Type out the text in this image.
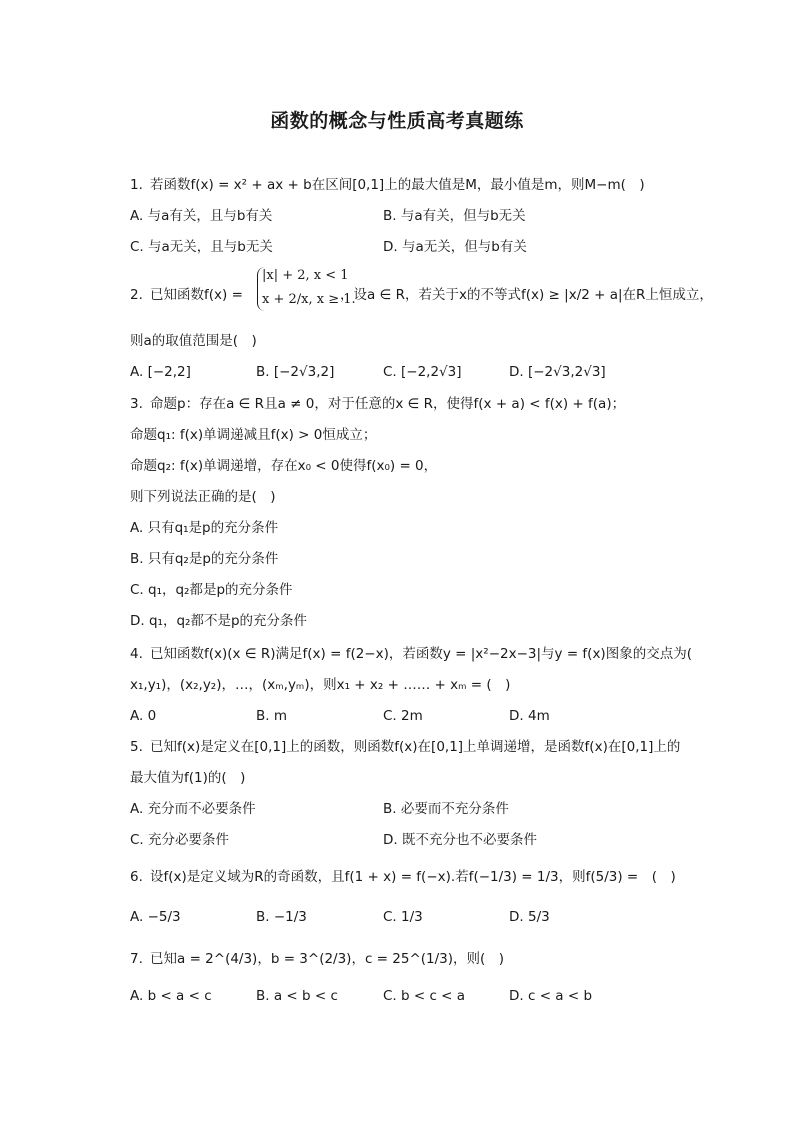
函数的概念与性质高考真题练
1. 若函数f(x) = x² + ax + b在区间[0,1]上的最大值是M，最小值是m，则M−m(　)
A. 与a有关，且与b有关	B. 与a有关，但与b无关
C. 与a无关，且与b无关	D. 与a无关，但与b有关
2. 已知函数f(x) =
|x| + 2, x < 1
x + 2/x, x ≥ 1.
，设a ∈ R，若关于x的不等式f(x) ≥ |x/2 + a|在R上恒成立，
则a的取值范围是(　)
A. [−2,2]	B. [−2√3,2]	C. [−2,2√3]	D. [−2√3,2√3]
3. 命题p：存在a ∈ R且a ≠ 0，对于任意的x ∈ R，使得f(x + a) < f(x) + f(a)；
命题q₁: f(x)单调递减且f(x) > 0恒成立；
命题q₂: f(x)单调递增，存在x₀ < 0使得f(x₀) = 0，
则下列说法正确的是(　)
A. 只有q₁是p的充分条件
B. 只有q₂是p的充分条件
C. q₁，q₂都是p的充分条件
D. q₁，q₂都不是p的充分条件
4. 已知函数f(x)(x ∈ R)满足f(x) = f(2−x)，若函数y = |x²−2x−3|与y = f(x)图象的交点为(
x₁,y₁)，(x₂,y₂)，…，(xₘ,yₘ)，则x₁ + x₂ + …… + xₘ = (　)
A. 0	B. m	C. 2m	D. 4m
5. 已知f(x)是定义在[0,1]上的函数，则函数f(x)在[0,1]上单调递增，是函数f(x)在[0,1]上的
最大值为f(1)的(　)
A. 充分而不必要条件	B. 必要而不充分条件
C. 充分必要条件	D. 既不充分也不必要条件
6. 设f(x)是定义域为R的奇函数，且f(1 + x) = f(−x).若f(−1/3) = 1/3，则f(5/3) =　(　)
A. −5/3	B. −1/3	C. 1/3	D. 5/3
7. 已知a = 2^(4/3)，b = 3^(2/3)，c = 25^(1/3)，则(　)
A. b < a < c	B. a < b < c	C. b < c < a	D. c < a < b
